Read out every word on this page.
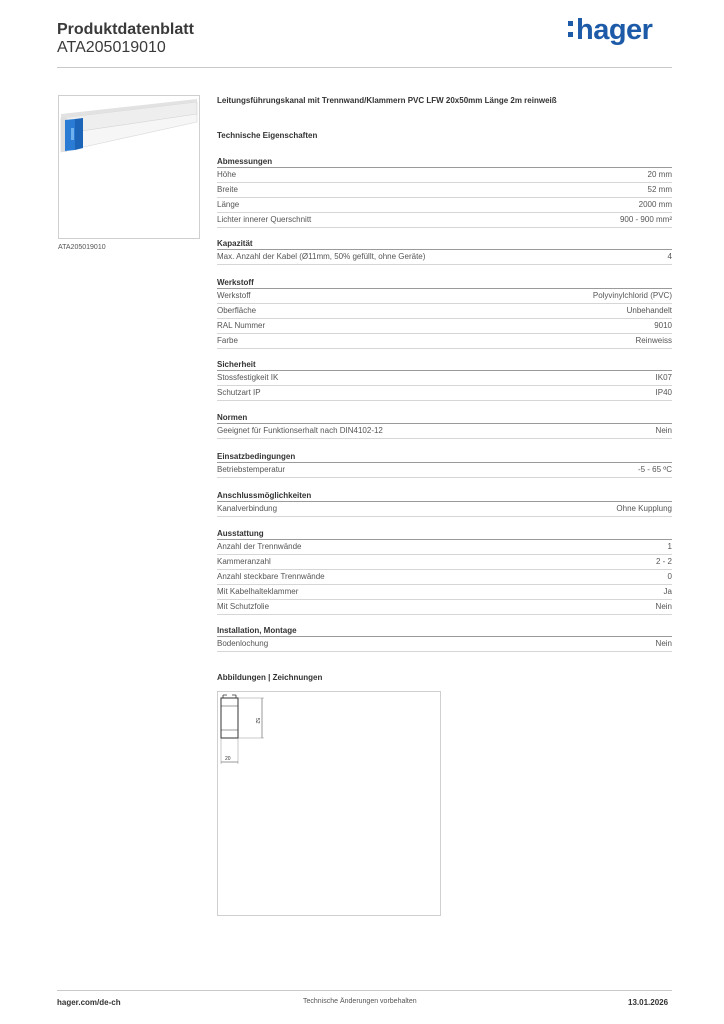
Produktdatenblatt
ATA205019010
hager
ATA205019010
Leitungsführungskanal mit Trennwand/Klammern PVC LFW 20x50mm Länge 2m reinweiß
Technische Eigenschaften
Abmessungen
Höhe	20 mm
Breite	52 mm
Länge	2000 mm
Lichter innerer Querschnitt	900 - 900 mm²
Kapazität
Max. Anzahl der Kabel (Ø11mm, 50% gefüllt, ohne Geräte)	4
Werkstoff
Werkstoff	Polyvinylchlorid (PVC)
Oberfläche	Unbehandelt
RAL Nummer	9010
Farbe	Reinweiss
Sicherheit
Stossfestigkeit IK	IK07
Schutzart IP	IP40
Normen
Geeignet für Funktionserhalt nach DIN4102-12	Nein
Einsatzbedingungen
Betriebstemperatur	-5 - 65 ºC
Anschlussmöglichkeiten
Kanalverbindung	Ohne Kupplung
Ausstattung
Anzahl der Trennwände	1
Kammeranzahl	2 - 2
Anzahl steckbare Trennwände	0
Mit Kabelhalteklammer	Ja
Mit Schutzfolie	Nein
Installation, Montage
Bodenlochung	Nein
Abbildungen | Zeichnungen
52
20
hager.com/de-ch	Technische Änderungen vorbehalten	13.01.2026
